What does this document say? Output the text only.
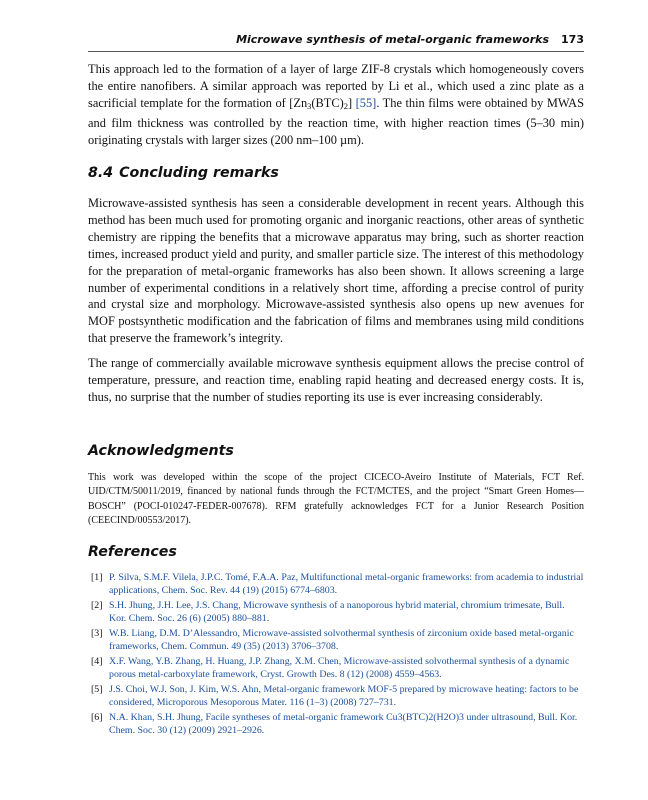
Microwave synthesis of metal-organic frameworks 173

This approach led to the formation of a layer of large ZIF-8 crystals which homogeneously covers the entire nanofibers. A similar approach was reported by Li et al., which used a zinc plate as a sacrificial template for the formation of $[Zn_3(BTC)_2]$ [55]. The thin films were obtained by MWAS and film thickness was controlled by the reaction time, with higher reaction times (5–30 min) originating crystals with larger sizes (200 nm–100 µm).

8.4 Concluding remarks

Microwave-assisted synthesis has seen a considerable development in recent years. Although this method has been much used for promoting organic and inorganic reactions, other areas of synthetic chemistry are ripping the benefits that a microwave apparatus may bring, such as shorter reaction times, increased product yield and purity, and smaller particle size. The interest of this methodology for the preparation of metal-organic frameworks has also been shown. It allows screening a large number of experimental conditions in a relatively short time, affording a precise control of purity and crystal size and morphology. Microwave-assisted synthesis also opens up new avenues for MOF postsynthetic modification and the fabrication of films and membranes using mild conditions that preserve the framework’s integrity.

The range of commercially available microwave synthesis equipment allows the precise control of temperature, pressure, and reaction time, enabling rapid heating and decreased energy costs. It is, thus, no surprise that the number of studies reporting its use is ever increasing considerably.

Acknowledgments

This work was developed within the scope of the project CICECO-Aveiro Institute of Materials, FCT Ref. UID/CTM/50011/2019, financed by national funds through the FCT/MCTES, and the project “Smart Green Homes—BOSCH” (POCI-010247-FEDER-007678). RFM gratefully acknowledges FCT for a Junior Research Position (CEECIND/00553/2017).

References
[1] P. Silva, S.M.F. Vilela, J.P.C. Tomé, F.A.A. Paz, Multifunctional metal-organic frameworks: from academia to industrial applications, Chem. Soc. Rev. 44 (19) (2015) 6774–6803.
[2] S.H. Jhung, J.H. Lee, J.S. Chang, Microwave synthesis of a nanoporous hybrid material, chromium trimesate, Bull. Kor. Chem. Soc. 26 (6) (2005) 880–881.
[3] W.B. Liang, D.M. D’Alessandro, Microwave-assisted solvothermal synthesis of zirconium oxide based metal-organic frameworks, Chem. Commun. 49 (35) (2013) 3706–3708.
[4] X.F. Wang, Y.B. Zhang, H. Huang, J.P. Zhang, X.M. Chen, Microwave-assisted solvothermal synthesis of a dynamic porous metal-carboxylate framework, Cryst. Growth Des. 8 (12) (2008) 4559–4563.
[5] J.S. Choi, W.J. Son, J. Kim, W.S. Ahn, Metal-organic framework MOF-5 prepared by microwave heating: factors to be considered, Microporous Mesoporous Mater. 116 (1–3) (2008) 727–731.
[6] N.A. Khan, S.H. Jhung, Facile syntheses of metal-organic framework Cu3(BTC)2(H2O)3 under ultrasound, Bull. Kor. Chem. Soc. 30 (12) (2009) 2921–2926.
